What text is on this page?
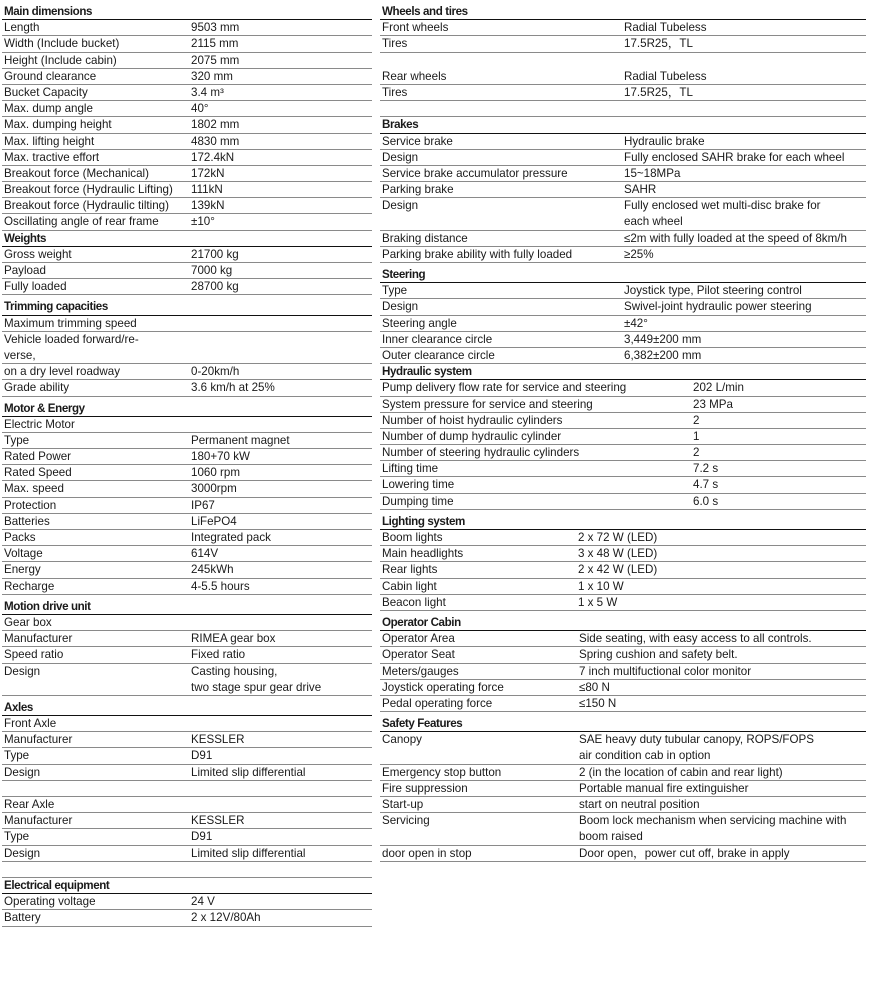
Main dimensions
Length	9503 mm
Width (Include bucket)	2115 mm
Height (Include cabin)	2075 mm
Ground clearance	320 mm
Bucket Capacity	3.4 m³
Max. dump angle	40°
Max. dumping height	1802 mm
Max. lifting height	4830 mm
Max. tractive effort	172.4kN
Breakout force (Mechanical)	172kN
Breakout force (Hydraulic Lifting) 111kN
Breakout force (Hydraulic tilting) 139kN
Oscillating angle of rear frame	±10°
Weights
Gross weight	21700 kg
Payload	7000 kg
Fully loaded	28700 kg
Trimming capacities
Maximum trimming speed
Vehicle loaded forward/re-
verse,
on a dry level roadway	0-20km/h
Grade ability	3.6 km/h at 25%
Motor & Energy
Electric Motor
Type	Permanent magnet
Rated Power	180+70 kW
Rated Speed	1060 rpm
Max. speed	3000rpm
Protection	IP67
Batteries	LiFePO4
Packs	Integrated pack
Voltage	614V
Energy	245kWh
Recharge	4-5.5 hours
Motion drive unit
Gear box
Manufacturer	RIMEA gear box
Speed ratio	Fixed ratio
Design	Casting housing,
two stage spur gear drive
Axles
Front Axle
Manufacturer	KESSLER
Type	D91
Design	Limited slip differential
Rear Axle
Manufacturer	KESSLER
Type	D91
Design	Limited slip differential
Electrical equipment
Operating voltage	24 V
Battery	2 x 12V/80Ah
Wheels and tires
Front wheels	Radial Tubeless
Tires	17.5R25，TL
Rear wheels	Radial Tubeless
Tires	17.5R25，TL
Brakes
Service brake	Hydraulic brake
Design	Fully enclosed SAHR brake for each wheel
Service brake accumulator pressure	15~18MPa
Parking brake	SAHR
Design	Fully enclosed wet multi-disc brake for
each wheel
Braking distance	≤2m with fully loaded at the speed of 8km/h
Parking brake ability with fully loaded	≥25%
Steering
Type	Joystick type, Pilot steering control
Design	Swivel-joint hydraulic power steering
Steering angle	±42°
Inner clearance circle	3,449±200 mm
Outer clearance circle	6,382±200 mm
Hydraulic system
Pump delivery flow rate for service and steering	202 L/min
System pressure for service and steering	23 MPa
Number of hoist hydraulic cylinders	2
Number of dump hydraulic cylinder	1
Number of steering hydraulic cylinders	2
Lifting time	7.2 s
Lowering time	4.7 s
Dumping time	6.0 s
Lighting system
Boom lights	2 x 72 W (LED)
Main headlights	3 x 48 W (LED)
Rear lights	2 x 42 W (LED)
Cabin light	1 x 10 W
Beacon light	1 x 5 W
Operator Cabin
Operator Area	Side seating, with easy access to all controls.
Operator Seat	Spring cushion and safety belt.
Meters/gauges	7 inch multifuctional color monitor
Joystick operating force	≤80 N
Pedal operating force	≤150 N
Safety Features
Canopy	SAE heavy duty tubular canopy, ROPS/FOPS
air condition cab in option
Emergency stop button	2 (in the location of cabin and rear light)
Fire suppression	Portable manual fire extinguisher
Start-up	start on neutral position
Servicing	Boom lock mechanism when servicing machine with
boom raised
door open in stop	Door open，power cut off, brake in apply
